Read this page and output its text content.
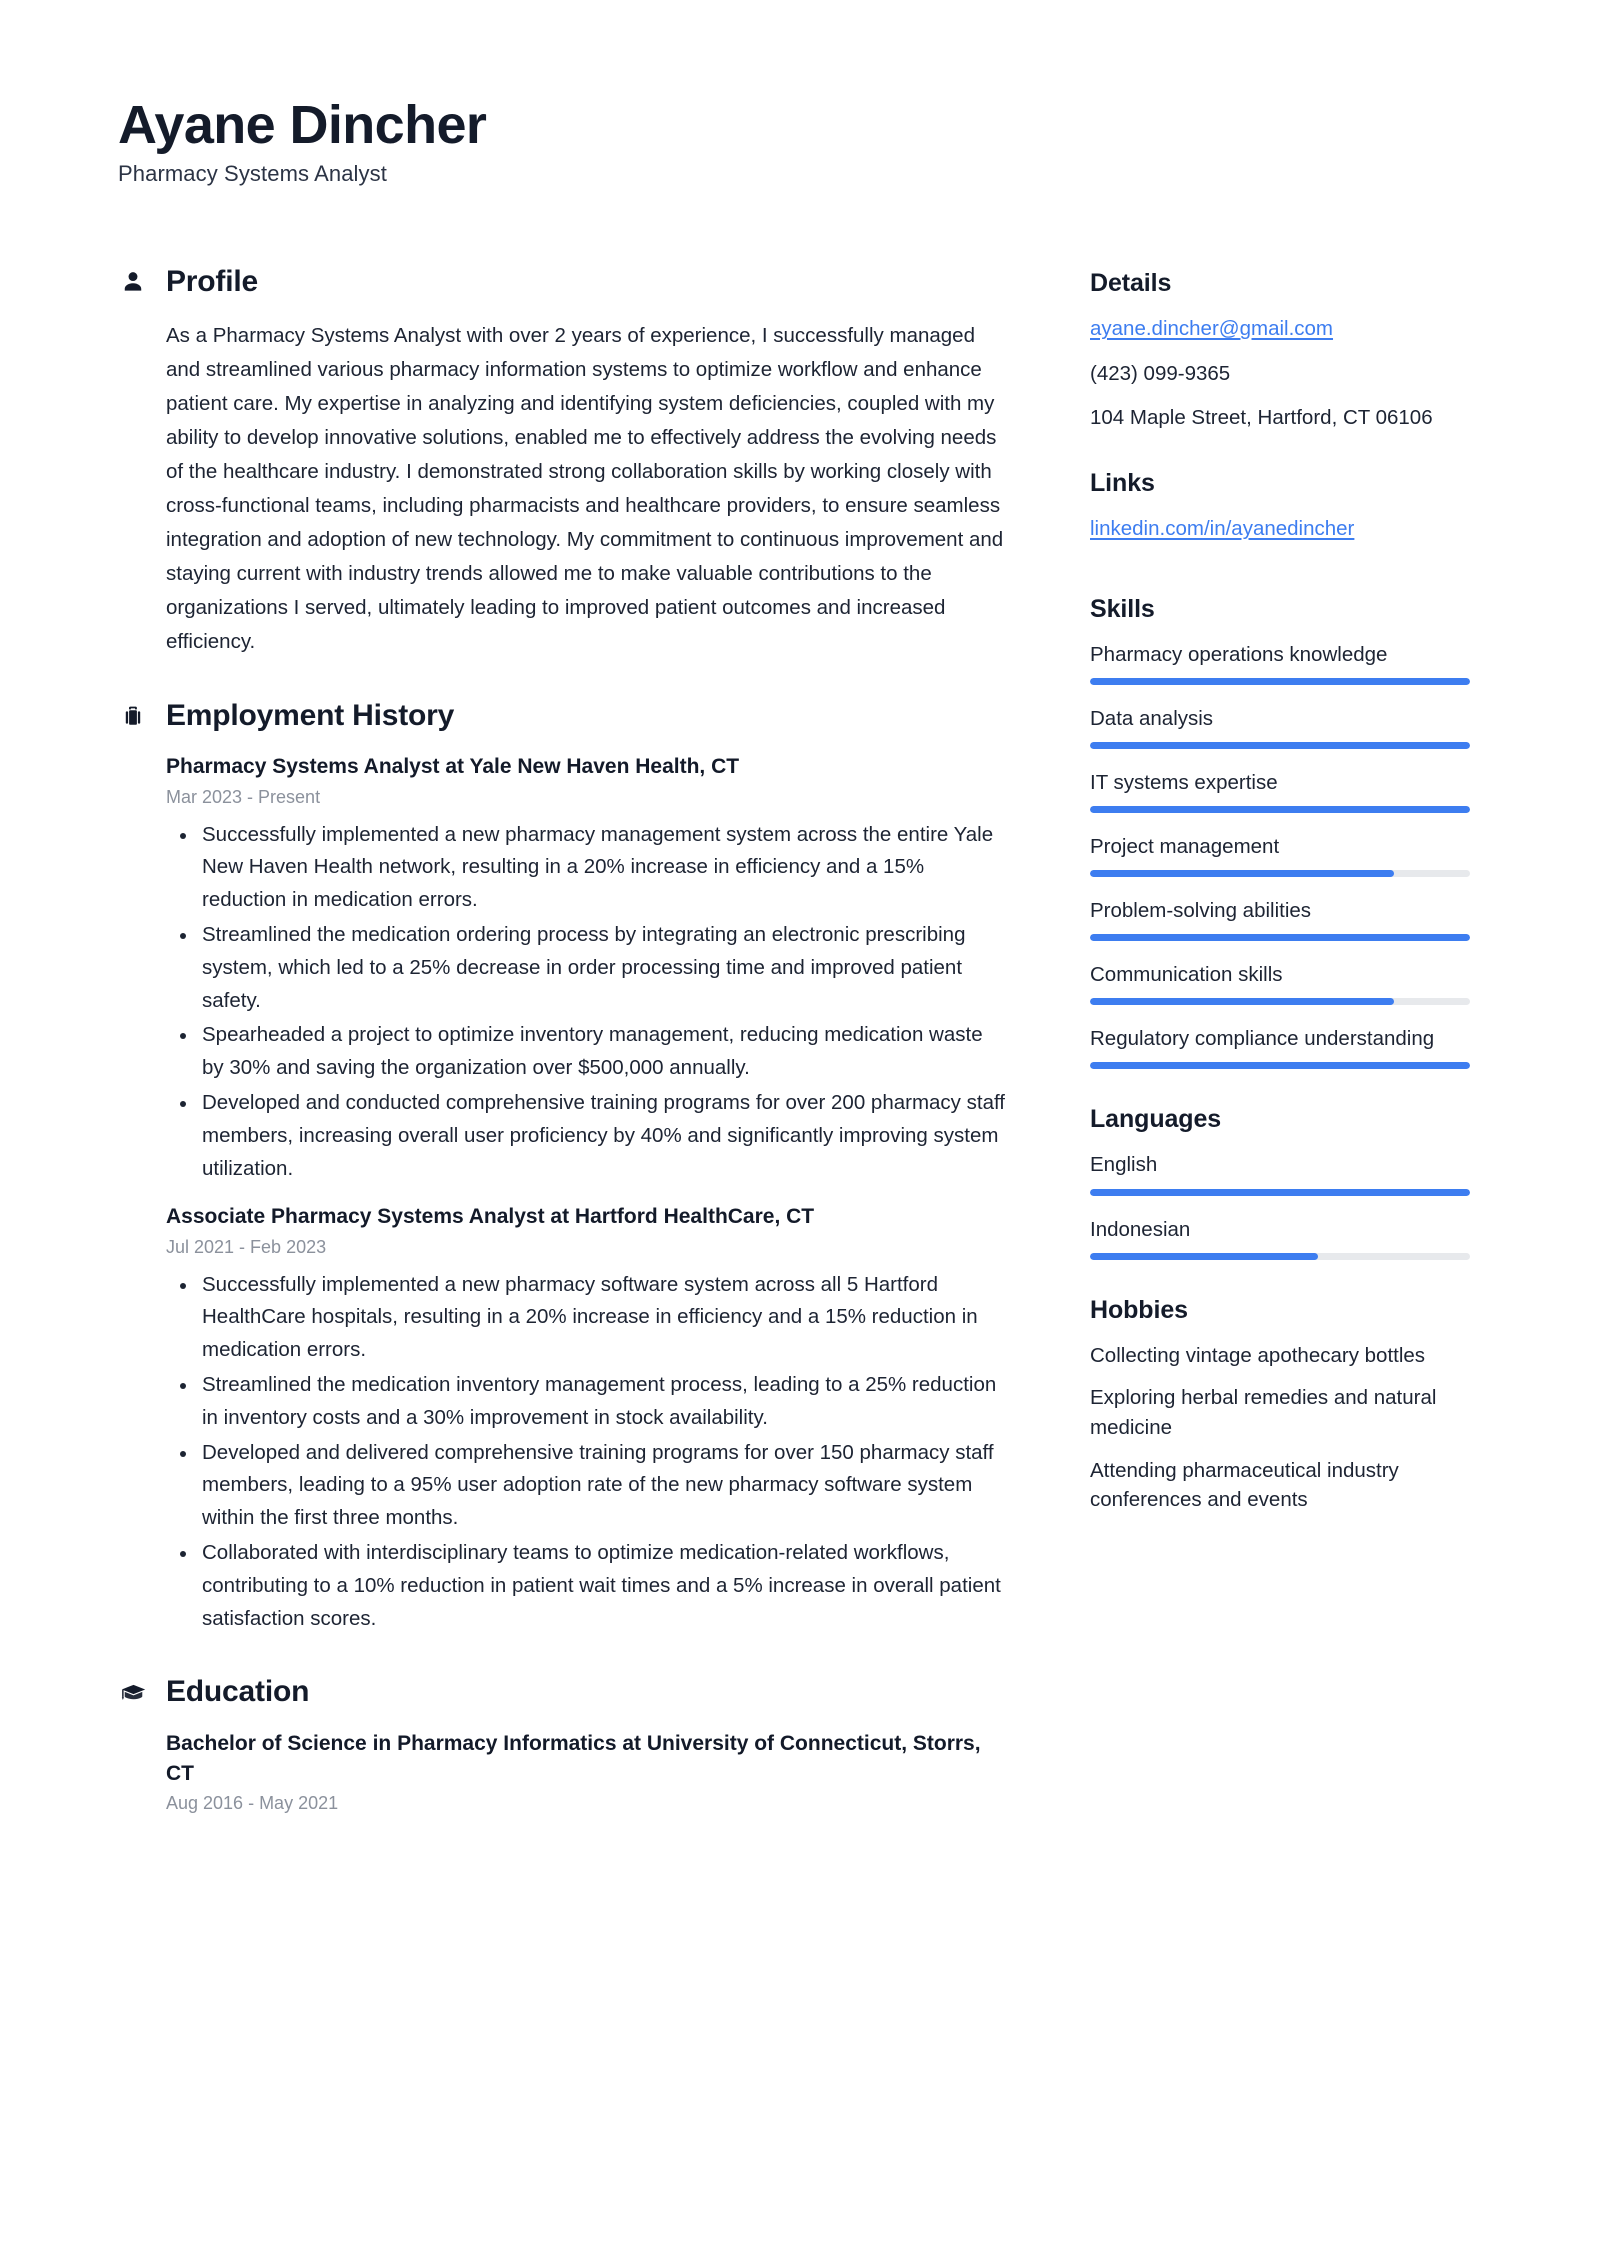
Ayane Dincher
Pharmacy Systems Analyst
Profile

As a Pharmacy Systems Analyst with over 2 years of experience, I successfully managed and streamlined various pharmacy information systems to optimize workflow and enhance patient care. My expertise in analyzing and identifying system deficiencies, coupled with my ability to develop innovative solutions, enabled me to effectively address the evolving needs of the healthcare industry. I demonstrated strong collaboration skills by working closely with cross-functional teams, including pharmacists and healthcare providers, to ensure seamless integration and adoption of new technology. My commitment to continuous improvement and staying current with industry trends allowed me to make valuable contributions to the organizations I served, ultimately leading to improved patient outcomes and increased efficiency.

Employment History
Pharmacy Systems Analyst at Yale New Haven Health, CT
Mar 2023 - Present
Successfully implemented a new pharmacy management system across the entire Yale New Haven Health network, resulting in a 20% increase in efficiency and a 15% reduction in medication errors.
Streamlined the medication ordering process by integrating an electronic prescribing system, which led to a 25% decrease in order processing time and improved patient safety.
Spearheaded a project to optimize inventory management, reducing medication waste by 30% and saving the organization over $500,000 annually.
Developed and conducted comprehensive training programs for over 200 pharmacy staff members, increasing overall user proficiency by 40% and significantly improving system utilization.
Associate Pharmacy Systems Analyst at Hartford HealthCare, CT
Jul 2021 - Feb 2023
Successfully implemented a new pharmacy software system across all 5 Hartford HealthCare hospitals, resulting in a 20% increase in efficiency and a 15% reduction in medication errors.
Streamlined the medication inventory management process, leading to a 25% reduction in inventory costs and a 30% improvement in stock availability.
Developed and delivered comprehensive training programs for over 150 pharmacy staff members, leading to a 95% user adoption rate of the new pharmacy software system within the first three months.
Collaborated with interdisciplinary teams to optimize medication-related workflows, contributing to a 10% reduction in patient wait times and a 5% increase in overall patient satisfaction scores.
Education
Bachelor of Science in Pharmacy Informatics at University of Connecticut, Storrs, CT
Aug 2016 - May 2021
Details
ayane.dincher@gmail.com
(423) 099-9365
104 Maple Street, Hartford, CT 06106
Links
linkedin.com/in/ayanedincher
Skills
Pharmacy operations knowledge
Data analysis
IT systems expertise
Project management
Problem-solving abilities
Communication skills
Regulatory compliance understanding
Languages
English
Indonesian
Hobbies
Collecting vintage apothecary bottles
Exploring herbal remedies and natural medicine
Attending pharmaceutical industry conferences and events
